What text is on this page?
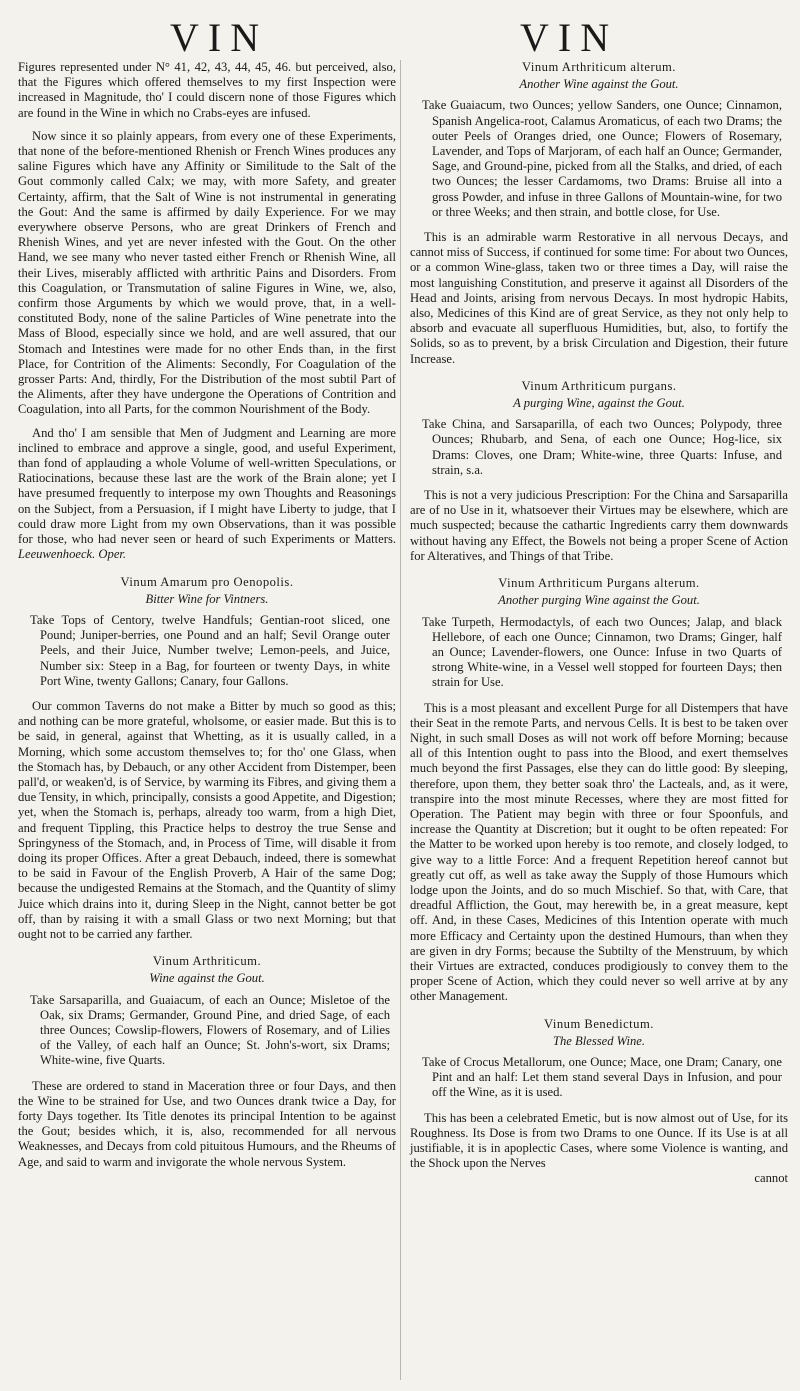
VIN	VIN

Figures represented under N° 41, 42, 43, 44, 45, 46. but perceived, also, that the Figures which offered themselves to my first Inspection were increased in Magnitude, tho' I could discern none of those Figures which are found in the Wine in which no Crabs-eyes are infused.

Now since it so plainly appears, from every one of these Experiments, that none of the before-mentioned Rhenish or French Wines produces any saline Figures which have any Affinity or Similitude to the Salt of the Gout commonly called Calx; we may, with more Safety, and greater Certainty, affirm, that the Salt of Wine is not instrumental in generating the Gout: And the same is affirmed by daily Experience. For we may everywhere observe Persons, who are great Drinkers of French and Rhenish Wines, and yet are never infested with the Gout. On the other Hand, we see many who never tasted either French or Rhenish Wine, all their Lives, miserably afflicted with arthritic Pains and Disorders. From this Coagulation, or Transmutation of saline Figures in Wine, we, also, confirm those Arguments by which we would prove, that, in a well-constituted Body, none of the saline Particles of Wine penetrate into the Mass of Blood, especially since we hold, and are well assured, that our Stomach and Intestines were made for no other Ends than, in the first Place, for Contrition of the Aliments: Secondly, For Coagulation of the grosser Parts: And, thirdly, For the Distribution of the most subtil Part of the Aliments, after they have undergone the Operations of Contrition and Coagulation, into all Parts, for the common Nourishment of the Body.

And tho' I am sensible that Men of Judgment and Learning are more inclined to embrace and approve a single, good, and useful Experiment, than fond of applauding a whole Volume of well-written Speculations, or Ratiocinations, because these last are the work of the Brain alone; yet I have presumed frequently to interpose my own Thoughts and Reasonings on the Subject, from a Persuasion, if I might have Liberty to judge, that I could draw more Light from my own Observations, than it was possible for those, who had never seen or heard of such Experiments or Matters. Leeuwenhoeck. Oper.

Vinum Amarum pro Oenopolis.
Bitter Wine for Vintners.

Take Tops of Centory, twelve Handfuls; Gentian-root sliced, one Pound; Juniper-berries, one Pound and an half; Sevil Orange outer Peels, and their Juice, Number twelve; Lemon-peels, and Juice, Number six: Steep in a Bag, for fourteen or twenty Days, in white Port Wine, twenty Gallons; Canary, four Gallons.

Our common Taverns do not make a Bitter by much so good as this; and nothing can be more grateful, wholsome, or easier made. But this is to be said, in general, against that Whetting, as it is usually called, in a Morning, which some accustom themselves to; for tho' one Glass, when the Stomach has, by Debauch, or any other Accident from Distemper, been pall'd, or weaken'd, is of Service, by warming its Fibres, and giving them a due Tensity, in which, principally, consists a good Appetite, and Digestion; yet, when the Stomach is, perhaps, already too warm, from a high Diet, and frequent Tippling, this Practice helps to destroy the true Sense and Springyness of the Stomach, and, in Process of Time, will disable it from doing its proper Offices. After a great Debauch, indeed, there is somewhat to be said in Favour of the English Proverb, A Hair of the same Dog; because the undigested Remains at the Stomach, and the Quantity of slimy Juice which drains into it, during Sleep in the Night, cannot better be got off, than by raising it with a small Glass or two next Morning; but that ought not to be carried any farther.

Vinum Arthriticum.
Wine against the Gout.

Take Sarsaparilla, and Guaiacum, of each an Ounce; Misletoe of the Oak, six Drams; Germander, Ground Pine, and dried Sage, of each three Ounces; Cowslip-flowers, Flowers of Rosemary, and of Lilies of the Valley, of each half an Ounce; St. John's-wort, six Drams; White-wine, five Quarts.

These are ordered to stand in Maceration three or four Days, and then the Wine to be strained for Use, and two Ounces drank twice a Day, for forty Days together. Its Title denotes its principal Intention to be against the Gout; besides which, it is, also, recommended for all nervous Weaknesses, and Decays from cold pituitous Humours, and the Rheums of Age, and said to warm and invigorate the whole nervous System.

Vinum Arthriticum alterum.
Another Wine against the Gout.

Take Guaiacum, two Ounces; yellow Sanders, one Ounce; Cinnamon, Spanish Angelica-root, Calamus Aromaticus, of each two Drams; the outer Peels of Oranges dried, one Ounce; Flowers of Rosemary, Lavender, and Tops of Marjoram, of each half an Ounce; Germander, Sage, and Ground-pine, picked from all the Stalks, and dried, of each two Ounces; the lesser Cardamoms, two Drams: Bruise all into a gross Powder, and infuse in three Gallons of Mountain-wine, for two or three Weeks; and then strain, and bottle close, for Use.

This is an admirable warm Restorative in all nervous Decays, and cannot miss of Success, if continued for some time: For about two Ounces, or a common Wine-glass, taken two or three times a Day, will raise the most languishing Constitution, and preserve it against all Disorders of the Head and Joints, arising from nervous Decays. In most hydropic Habits, also, Medicines of this Kind are of great Service, as they not only help to absorb and evacuate all superfluous Humidities, but, also, to fortify the Solids, so as to prevent, by a brisk Circulation and Digestion, their future Increase.

Vinum Arthriticum purgans.
A purging Wine, against the Gout.

Take China, and Sarsaparilla, of each two Ounces; Polypody, three Ounces; Rhubarb, and Sena, of each one Ounce; Hog-lice, six Drams: Cloves, one Dram; White-wine, three Quarts: Infuse, and strain, s.a.

This is not a very judicious Prescription: For the China and Sarsaparilla are of no Use in it, whatsoever their Virtues may be elsewhere, which are much suspected; because the cathartic Ingredients carry them downwards without having any Effect, the Bowels not being a proper Scene of Action for Alteratives, and Things of that Tribe.

Vinum Arthriticum Purgans alterum.
Another purging Wine against the Gout.

Take Turpeth, Hermodactyls, of each two Ounces; Jalap, and black Hellebore, of each one Ounce; Cinnamon, two Drams; Ginger, half an Ounce; Lavender-flowers, one Ounce: Infuse in two Quarts of strong White-wine, in a Vessel well stopped for fourteen Days; then strain for Use.

This is a most pleasant and excellent Purge for all Distempers that have their Seat in the remote Parts, and nervous Cells. It is best to be taken over Night, in such small Doses as will not work off before Morning; because all of this Intention ought to pass into the Blood, and exert themselves much beyond the first Passages, else they can do little good: By sleeping, therefore, upon them, they better soak thro' the Lacteals, and, as it were, transpire into the most minute Recesses, where they are most fitted for Operation. The Patient may begin with three or four Spoonfuls, and increase the Quantity at Discretion; but it ought to be often repeated: For the Matter to be worked upon hereby is too remote, and closely lodged, to give way to a little Force: And a frequent Repetition hereof cannot but greatly cut off, as well as take away the Supply of those Humours which lodge upon the Joints, and do so much Mischief. So that, with Care, that dreadful Affliction, the Gout, may herewith be, in a great measure, kept off. And, in these Cases, Medicines of this Intention operate with much more Efficacy and Certainty upon the destined Humours, than when they are given in dry Forms; because the Subtilty of the Menstruum, by which their Virtues are extracted, conduces prodigiously to convey them to the proper Scene of Action, which they could never so well arrive at by any other Management.

Vinum Benedictum.
The Blessed Wine.

Take of Crocus Metallorum, one Ounce; Mace, one Dram; Canary, one Pint and an half: Let them stand several Days in Infusion, and pour off the Wine, as it is used.

This has been a celebrated Emetic, but is now almost out of Use, for its Roughness. Its Dose is from two Drams to one Ounce. If its Use is at all justifiable, it is in apoplectic Cases, where some Violence is wanting, and the Shock upon the Nerves

cannot
